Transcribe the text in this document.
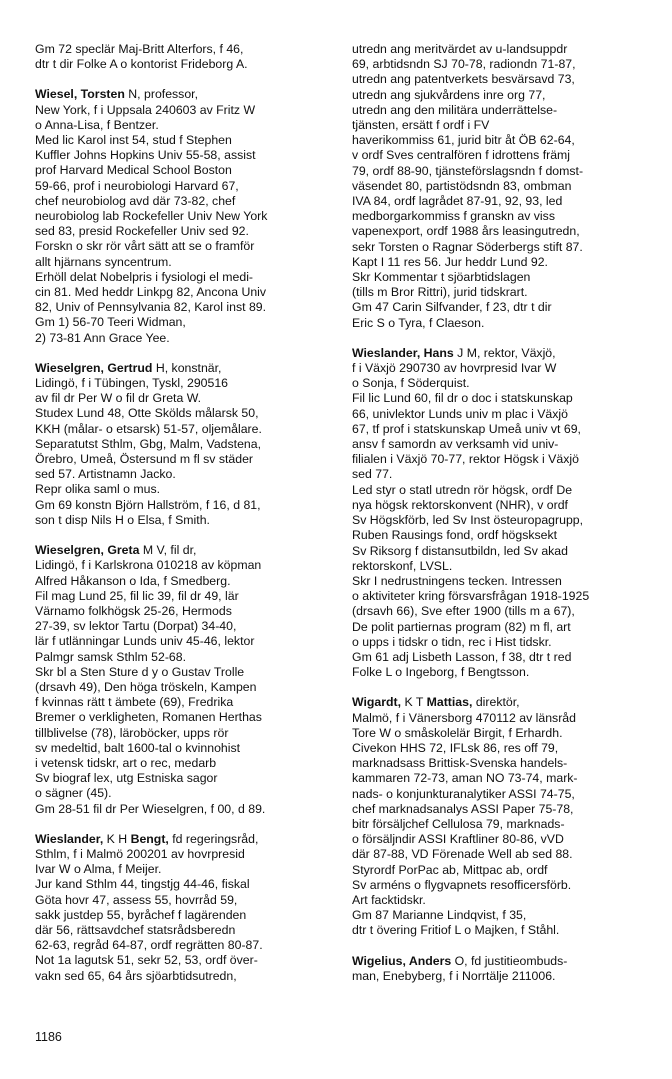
Gm 72 speclär Maj-Britt Alterfors, f 46,
dtr t dir Folke A o kontorist Frideborg A.
Wiesel, Torsten N, professor,
New York, f i Uppsala 240603 av Fritz W
o Anna-Lisa, f Bentzer.
Med lic Karol inst 54, stud f Stephen
Kuffler Johns Hopkins Univ 55-58, assist
prof Harvard Medical School Boston
59-66, prof i neurobiologi Harvard 67,
chef neurobiolog avd där 73-82, chef
neurobiolog lab Rockefeller Univ New York
sed 83, presid Rockefeller Univ sed 92.
Forskn o skr rör vårt sätt att se o framför
allt hjärnans syncentrum.
Erhöll delat Nobelpris i fysiologi el medi-
cin 81. Med heddr Linkpg 82, Ancona Univ
82, Univ of Pennsylvania 82, Karol inst 89.
Gm 1) 56-70 Teeri Widman,
2) 73-81 Ann Grace Yee.
Wieselgren, Gertrud H, konstnär,
Lidingö, f i Tübingen, Tyskl, 290516
av fil dr Per W o fil dr Greta W.
Studex Lund 48, Otte Skölds målarsk 50,
KKH (målar- o etsarsk) 51-57, oljemålare.
Separatutst Sthlm, Gbg, Malm, Vadstena,
Örebro, Umeå, Östersund m fl sv städer
sed 57. Artistnamn Jacko.
Repr olika saml o mus.
Gm 69 konstn Björn Hallström, f 16, d 81,
son t disp Nils H o Elsa, f Smith.
Wieselgren, Greta M V, fil dr,
Lidingö, f i Karlskrona 010218 av köpman
Alfred Håkanson o Ida, f Smedberg.
Fil mag Lund 25, fil lic 39, fil dr 49, lär
Värnamo folkhögsk 25-26, Hermods
27-39, sv lektor Tartu (Dorpat) 34-40,
lär f utlänningar Lunds univ 45-46, lektor
Palmgr samsk Sthlm 52-68.
Skr bl a Sten Sture d y o Gustav Trolle
(drsavh 49), Den höga tröskeln, Kampen
f kvinnas rätt t ämbete (69), Fredrika
Bremer o verkligheten, Romanen Herthas
tillblivelse (78), läroböcker, upps rör
sv medeltid, balt 1600-tal o kvinnohist
i vetensk tidskr, art o rec, medarb
Sv biograf lex, utg Estniska sagor
o sägner (45).
Gm 28-51 fil dr Per Wieselgren, f 00, d 89.
Wieslander, K H Bengt, fd regeringsråd,
Sthlm, f i Malmö 200201 av hovrpresid
Ivar W o Alma, f Meijer.
Jur kand Sthlm 44, tingstjg 44-46, fiskal
Göta hovr 47, assess 55, hovrråd 59,
sakk justdep 55, byråchef f lagärenden
där 56, rättsavdchef statsrådsberedn
62-63, regråd 64-87, ordf regrätten 80-87.
Not 1a lagutsk 51, sekr 52, 53, ordf över-
vakn sed 65, 64 års sjöarbtidsutredn,
utredn ang meritvärdet av u-landsuppdr
69, arbtidsndn SJ 70-78, radiondn 71-87,
utredn ang patentverkets besvärsavd 73,
utredn ang sjukvårdens inre org 77,
utredn ang den militära underrättelse-
tjänsten, ersätt f ordf i FV
haverikommiss 61, jurid bitr åt ÖB 62-64,
v ordf Sves centralfören f idrottens främj
79, ordf 88-90, tjänsteförslagsndn f domst-
väsendet 80, partistödsndn 83, ombman
IVA 84, ordf lagrådet 87-91, 92, 93, led
medborgarkommiss f granskn av viss
vapenexport, ordf 1988 års leasingutredn,
sekr Torsten o Ragnar Söderbergs stift 87.
Kapt I 11 res 56. Jur heddr Lund 92.
Skr Kommentar t sjöarbtidslagen
(tills m Bror Rittri), jurid tidskrart.
Gm 47 Carin Silfvander, f 23, dtr t dir
Eric S o Tyra, f Claeson.
Wieslander, Hans J M, rektor, Växjö,
f i Växjö 290730 av hovrpresid Ivar W
o Sonja, f Söderquist.
Fil lic Lund 60, fil dr o doc i statskunskap
66, univlektor Lunds univ m plac i Växjö
67, tf prof i statskunskap Umeå univ vt 69,
ansv f samordn av verksamh vid univ-
filialen i Växjö 70-77, rektor Högsk i Växjö
sed 77.
Led styr o statl utredn rör högsk, ordf De
nya högsk rektorskonvent (NHR), v ordf
Sv Högskförb, led Sv Inst östeuropagrupp,
Ruben Rausings fond, ordf högsksekt
Sv Riksorg f distansutbildn, led Sv akad
rektorskonf, LVSL.
Skr I nedrustningens tecken. Intressen
o aktiviteter kring försvarsfrågan 1918-1925
(drsavh 66), Sve efter 1900 (tills m a 67),
De polit partiernas program (82) m fl, art
o upps i tidskr o tidn, rec i Hist tidskr.
Gm 61 adj Lisbeth Lasson, f 38, dtr t red
Folke L o Ingeborg, f Bengtsson.
Wigardt, K T Mattias, direktör,
Malmö, f i Vänersborg 470112 av länsråd
Tore W o småskolelär Birgit, f Erhardh.
Civekon HHS 72, IFLsk 86, res off 79,
marknadsass Brittisk-Svenska handels-
kammaren 72-73, aman NO 73-74, mark-
nads- o konjunkturanalytiker ASSI 74-75,
chef marknadsanalys ASSI Paper 75-78,
bitr försäljchef Cellulosa 79, marknads-
o försäljndir ASSI Kraftliner 80-86, vVD
där 87-88, VD Förenade Well ab sed 88.
Styrordf PorPac ab, Mittpac ab, ordf
Sv arméns o flygvapnets resofficersförb.
Art facktidskr.
Gm 87 Marianne Lindqvist, f 35,
dtr t övering Fritiof L o Majken, f Ståhl.
Wigelius, Anders O, fd justitieombuds-
man, Enebyberg, f i Norrtälje 211006.
1186
